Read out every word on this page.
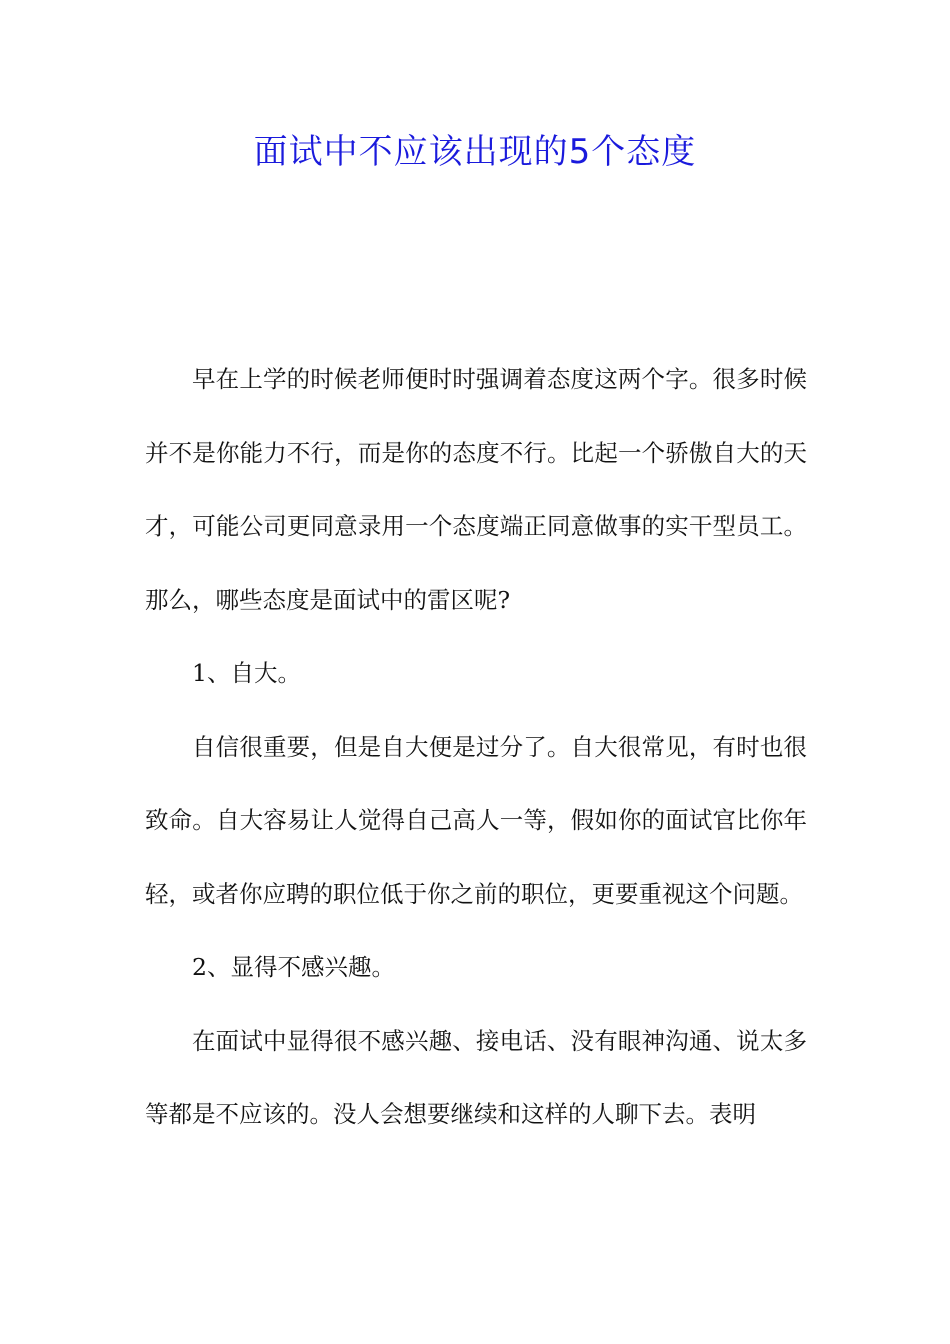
面试中不应该出现的5个态度

早在上学的时候老师便时时强调着态度这两个字。很多时候并不是你能力不行，而是你的态度不行。比起一个骄傲自大的天才，可能公司更同意录用一个态度端正同意做事的实干型员工。那么，哪些态度是面试中的雷区呢?

1、自大。

自信很重要，但是自大便是过分了。自大很常见，有时也很致命。自大容易让人觉得自己高人一等，假如你的面试官比你年轻，或者你应聘的职位低于你之前的职位，更要重视这个问题。

2、显得不感兴趣。

在面试中显得很不感兴趣、接电话、没有眼神沟通、说太多等都是不应该的。没人会想要继续和这样的人聊下去。表明
